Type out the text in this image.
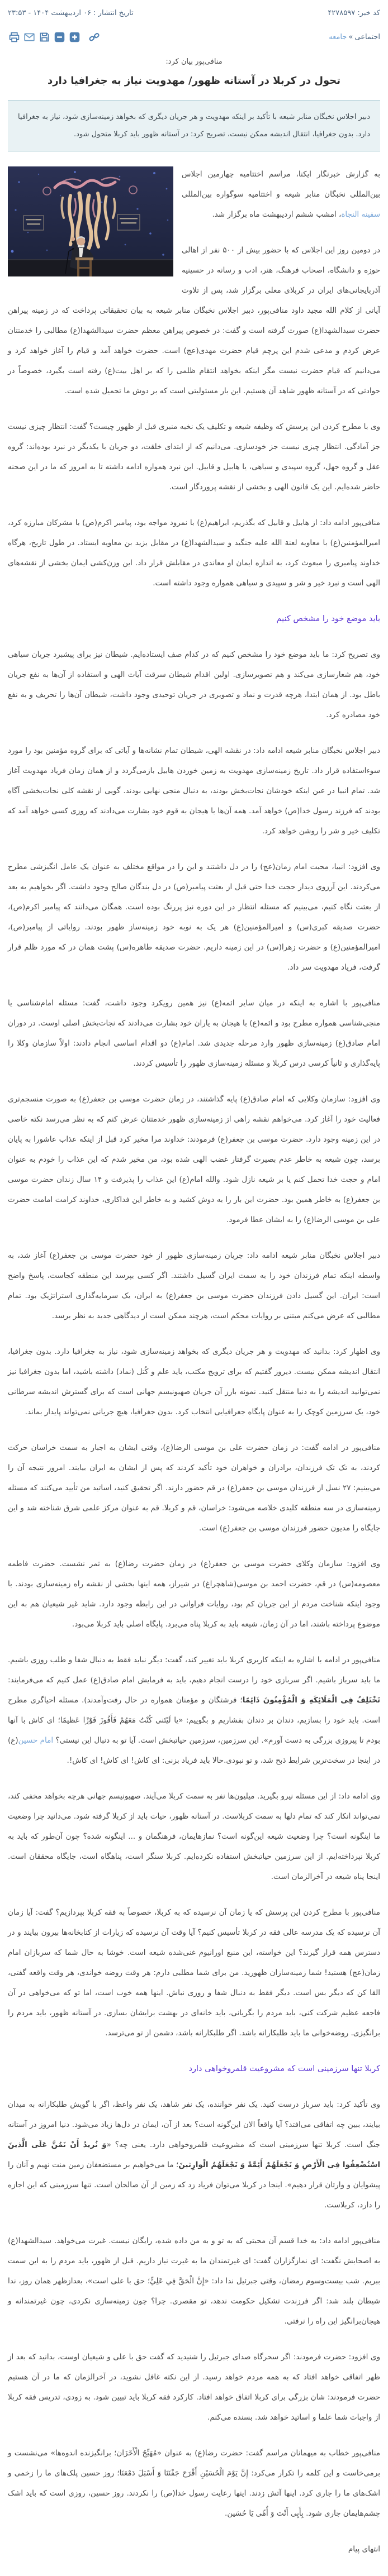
کد خبر: ۴۲۷۸۵۹۷
تاریخ انتشار : ۰۶ اردیبهشت ۱۴۰۴ - ۲۳:۵۳
اجتماعی»جامعه
منافی‌پور بیان کرد:
تحول در کربلا در آستانه ظهور/ مهدویت نیاز به جغرافیا دارد
دبیر اجلاس نخبگان منابر شیعه با تأکید بر اینکه مهدویت و هر جریان دیگری که بخواهد زمینه‌سازی شود، نیاز به جغرافیا دارد. بدون جغرافیا، انتقال اندیشه ممکن نیست، تصریح کرد: در آستانه ظهور باید کربلا متحول شود.

به گزارش خبرنگار ایکنا، مراسم اختتامیه چهارمین اجلاس بین‌المللی نخبگان منابر شیعه و اختتامیه سوگواره بین‌المللی سفینه النجاة، امشب ششم اردیبهشت ماه برگزار شد.

در دومین روز این اجلاس که با حضور بیش از ۵۰۰ نفر از اهالی حوزه و دانشگاه، اصحاب فرهنگ، هنر، ادب و رسانه در حسینیه آذربایجانی‌های ایران در کربلای معلی برگزار شد، پس از تلاوت آیاتی از کلام الله مجید داود منافی‌پور، دبیر اجلاس نخبگان منابر شیعه به بیان تحقیقاتی پرداخت که در زمینه پیراهن حضرت سیدالشهدا(ع) صورت گرفته است و گفت: در خصوص پیراهن معظم حضرت سیدالشهدا(ع) مطالبی را خدمتتان عرض کردم و مدعی شدم این پرچم قیام حضرت مهدی(عج) است. حضرت خواهد آمد و قیام را آغاز خواهد کرد و می‌دانیم که قیام حضرت نیست مگر اینکه بخواهد انتقام ظلمی را که بر اهل بیت(ع) رفته است بگیرد، خصوصاً در حوادثی که در آستانه ظهور شاهد آن هستیم. این بار مسئولیتی است که بر دوش ما تحمیل شده است.

وی با مطرح کردن این پرسش که وظیفه شیعه و تکلیف یک نخبه منبری قبل از ظهور چیست؟ گفت: انتظار چیزی نیست جز آمادگی. انتظار چیزی نیست جز خودسازی. می‌دانیم که از ابتدای خلقت، دو جریان با یکدیگر در نبرد بوده‌اند: گروه عقل و گروه جهل، گروه سپیدی و سیاهی، یا هابیل و قابیل. این نبرد همواره ادامه داشته تا به امروز که ما در این صحنه حاضر شده‌ایم. این یک قانون الهی و بخشی از نقشه پروردگار است.

منافی‌پور ادامه داد: از هابیل و قابیل که بگذریم، ابراهیم(ع) با نمرود مواجه بود، پیامبر اکرم(ص) با مشرکان مبارزه کرد، امیرالمؤمنین(ع) با معاویه لعنة الله علیه جنگید و سیدالشهدا(ع) در مقابل یزید بن معاویه ایستاد. در طول تاریخ، هرگاه خداوند پیامبری را مبعوث کرد، به اندازه ایمان او معاندی در مقابلش قرار داد. این وزن‌کشی ایمان بخشی از نقشه‌های الهی است و نبرد خیر و شر و سپیدی و سیاهی همواره وجود داشته است.

باید موضع خود را مشخص کنیم

وی تصریح کرد: ما باید موضع خود را مشخص کنیم که در کدام صف ایستاده‌ایم. شیطان نیز برای پیشبرد جریان سیاهی خود، هم شعارسازی می‌کند و هم تصویرسازی. اولین اقدام شیطان سرقت آیات الهی و استفاده از آن‌ها به نفع جریان باطل بود. از همان ابتدا، هرچه قدرت و نماد و تصویری در جریان توحیدی وجود داشت، شیطان آن‌ها را تحریف و به نفع خود مصادره کرد.

دبیر اجلاس نخبگان منابر شیعه ادامه داد: در نقشه الهی، شیطان تمام نشانه‌ها و آیاتی که برای گروه مؤمنین بود را مورد سوءاستفاده قرار داد. تاریخ زمینه‌سازی مهدویت به زمین خوردن هابیل بازمی‌گردد و از همان زمان فریاد مهدویت آغاز شد. تمام انبیا در عین اینکه خودشان نجات‌بخش بودند، به دنبال منجی نهایی بودند. گویی از نقشه کلی نجات‌بخشی آگاه بودند که فرزند رسول خدا(ص) خواهد آمد. همه آن‌ها با هیجان به قوم خود بشارت می‌دادند که روزی کسی خواهد آمد که تکلیف خیر و شر را روشن خواهد کرد.

وی افزود: انبیا، محبت امام زمان(عج) را در دل داشتند و این را در مواقع مختلف به عنوان یک عامل انگیزشی مطرح می‌کردند. این آرزوی دیدار حجت خدا حتی قبل از بعثت پیامبر(ص) در دل بندگان صالح وجود داشت. اگر بخواهیم به بعد از بعثت نگاه کنیم، می‌بینیم که مسئله انتظار در این دوره نیز پررنگ بوده است. همگان می‌دانند که پیامبر اکرم(ص)، حضرت صدیقه کبری(س) و امیرالمؤمنین(ع) هر یک به نوبه خود زمینه‌ساز ظهور بودند. روایاتی از پیامبر(ص)، امیرالمؤمنین(ع) و حضرت زهرا(س) در این زمینه داریم. حضرت صدیقه طاهره(س) پشت همان در که مورد ظلم قرار گرفت، فریاد مهدویت سر داد.

منافی‌پور با اشاره به اینکه در میان سایر ائمه(ع) نیز همین رویکرد وجود داشت، گفت: مسئله امام‌شناسی یا منجی‌شناسی همواره مطرح بود و ائمه(ع) با هیجان به یاران خود بشارت می‌دادند که نجات‌بخش اصلی اوست. در دوران امام صادق(ع) زمینه‌سازی ظهور وارد مرحله جدیدی شد. امام(ع) دو اقدام اساسی انجام دادند: اولاً سازمان وکلا را پایه‌گذاری و ثانیاً کرسی درس کربلا و مسئله زمینه‌سازی ظهور را تأسیس کردند.

وی افزود: سازمان وکلایی که امام صادق(ع) پایه گذاشتند، در زمان حضرت موسی بن جعفر(ع) به صورت منسجم‌تری فعالیت خود را آغاز کرد. می‌خواهم نقشه راهی از زمینه‌سازی ظهور خدمتتان عرض کنم که به نظر می‌رسد نکته خاصی در این زمینه وجود دارد. حضرت موسی بن جعفر(ع) فرمودند: خداوند مرا مخیر کرد قبل از اینکه عذاب عاشورا به پایان برسد، چون شیعه به خاطر عدم بصیرت گرفتار غضب الهی شده بود، من مخیر شدم که این عذاب را خودم به عنوان امام و حجت خدا تحمل کنم یا بر شیعه نازل شود. والله امام(ع) این عذاب را پذیرفت و ۱۴ سال زندان حضرت موسی بن جعفر(ع) به خاطر همین بود. حضرت این بار را به دوش کشید و به خاطر این فداکاری، خداوند کرامت امامت حضرت علی بن موسی الرضا(ع) را به ایشان عطا فرمود.

دبیر اجلاس نخبگان منابر شیعه ادامه داد: جریان زمینه‌سازی ظهور از خود حضرت موسی بن جعفر(ع) آغاز شد، به واسطه اینکه تمام فرزندان خود را به سمت ایران گسیل داشتند. اگر کسی بپرسد این منطقه کجاست، پاسخ واضح است: ایران. این گسیل دادن فرزندان حضرت موسی بن جعفر(ع) به ایران، یک سرمایه‌گذاری استراتژیک بود. تمام مطالبی که عرض می‌کنم مبتنی بر روایات محکم است، هرچند ممکن است از دیدگاهی جدید به نظر برسد.

وی اظهار کرد: بدانید که مهدویت و هر جریان دیگری که بخواهد زمینه‌سازی شود، نیاز به جغرافیا دارد. بدون جغرافیا، انتقال اندیشه ممکن نیست. دیروز گفتیم که برای ترویج مکتب، باید علم و کُتل (نماد) داشته باشید، اما بدون جغرافیا نیز نمی‌توانید اندیشه را به دنیا منتقل کنید. نمونه بارز آن جریان صهیونیسم جهانی است که برای گسترش اندیشه سرطانی خود، یک سرزمین کوچک را به عنوان پایگاه جغرافیایی انتخاب کرد. بدون جغرافیا، هیچ جریانی نمی‌تواند پایدار بماند.

منافی‌پور در ادامه گفت: در زمان حضرت علی بن موسی الرضا(ع)، وقتی ایشان به اجبار به سمت خراسان حرکت کردند، به تک تک فرزندان، برادران و خواهران خود تأکید کردند که پس از ایشان به ایران بیایند. امروز نتیجه آن را می‌بینیم: ۲۷ نسل از فرزندان موسی بن جعفر(ع) در قم حضور دارند. اگر تحقیق کنید، اساتید من تأیید می‌کنند که مسئله زمینه‌سازی در سه منطقه کلیدی خلاصه می‌شود: خراسان، قم و کربلا. قم به عنوان مرکز علمی شرق شناخته شد و این جایگاه را مدیون حضور فرزندان موسی بن جعفر(ع) است.

وی افزود: سازمان وکلای حضرت موسی بن جعفر(ع) در زمان حضرت رضا(ع) به ثمر نشست. حضرت فاطمه معصومه(س) در قم، حضرت احمد بن موسی(شاهچراغ) در شیراز، همه اینها بخشی از نقشه راه زمینه‌سازی بودند. با وجود اینکه شناخت مردم از این جریان کم بود، روایات فراوانی در این رابطه وجود دارد. شاید غیر شیعیان هم به این موضوع پرداخته باشند، اما در آن زمان، شیعه باید به کربلا پناه می‌برد. پایگاه اصلی باید کربلا می‌بود.

منافی‌پور در ادامه با اشاره به اینکه کاربری کربلا باید تغییر کند، گفت: دیگر نباید فقط به دنبال شفا و طلب روزی باشیم. ما باید سرباز باشیم. اگر سربازی خود را درست انجام دهیم، باید به فرمایش امام صادق(ع) عمل کنیم که می‌فرمایند: تَخْتَلِفُ فِی الْمَلَائِکَهِ وَ الْمُؤْمِنُونَ ذَائِمًا؛ فرشتگان و مؤمنان همواره در حال رفت‌وآمدند). مسئله احیاگری مطرح است. باید خود را بسازیم، دندان بر دندان بفشاریم و بگوییم: «یا لَیْتَنی کُنْتُ مَعَهُمْ فَأَفُوزَ فَوْزًا عَظیمًا؛ ای کاش با آنها بودم تا پیروزی بزرگی به دست آورم». این سرزمین، سرزمین حیاتبخش است. آیا تو به دنبال این نیستی؟ امام حسین(ع) در اینجا در سخت‌ترین شرایط ذبح شد، و تو نبودی.حالا باید فریاد بزنی: ای کاش! ای کاش! ای کاش!.

وی ادامه داد: از این مسئله نیرو بگیرید. میلیون‌ها نفر به سمت کربلا می‌آیند. صهیونیسم جهانی هرچه بخواهد مخفی کند، نمی‌تواند انکار کند که تمام دلها به سمت کربلاست. در آستانه ظهور، حیات باید از کربلا گرفته شود. می‌دانید چرا وضعیت ما اینگونه است؟ چرا وضعیت شیعه این‌گونه است؟ نمازهایمان، فرهنگمان و ... اینگونه شده؟ چون آن‌طور که باید به کربلا نپرداخته‌ایم. از این سرزمین حیاتبخش استفاده نکرده‌ایم. کربلا سنگر است، پناهگاه است، جایگاه محققان است. اینجا پناه شیعه در آخرالزمان است.

منافی‌پور با مطرح کردن این پرسش که یا زمان آن نرسیده که به کربلا، خصوصاً به فقه کربلا بپردازیم؟ گفت: آیا زمان آن نرسیده که یک مدرسه عالی فقه در کربلا تأسیس کنیم؟ آیا وقت آن نرسیده که زیارات از کتابخانه‌ها بیرون بیایند و در دسترس همه قرار گیرند؟ این خواسته، این منبع اورانیوم غنی‌شده شیعه است. خوشا به حال شما که سربازان امام زمان(عج) هستید! شما زمینه‌سازان ظهورید. من برای شما مطلبی دارم: هر وقت روضه خواندی، هر وقت واقعه گفتی، القا کن که دیگر بس است. دیگر فقط به دنبال شفا و روزی نباش. اینها همه خوب است، اما تو که می‌خواهی در آن فاجعه عظیم شرکت کنی، باید مردم را بگریانی، باید خانه‌ای در بهشت برایشان بسازی. در آستانه ظهور، باید مردم را برانگیزی. روضه‌خوانی ما باید طلبکارانه باشد. اگر طلبکارانه باشد، دشمن از تو می‌ترسد.

کربلا تنها سرزمینی است که مشروعیت قلمروخواهی دارد

وی تأکید کرد: باید سرباز درست کنید. یک نفر خواننده، یک نفر شاهد، یک نفر واعظ، اگر با گویش طلبکارانه به میدان بیایند، ببین چه اتفاقی می‌افتد؟ آیا واقعاً الان این‌گونه است؟ بعد از آن، ایمان در دل‌ها زیاد می‌شود. دنیا امروز در آستانه جنگ است. کربلا تنها سرزمینی است که مشروعیت قلمروخواهی دارد. یعنی چه؟ «وَ نُریدُ أَنْ نَمُنَّ عَلَی الَّذینَ اسْتُضْعِفُوا فِی الْأَرْضِ وَ نَجْعَلَهُمْ أَئِمَّةً وَ نَجْعَلَهُمُ الْوارِثینَ؛ ما می‌خواهیم بر مستضعفان زمین منت نهیم و آنان را پیشوایان و وارثان قرار دهیم». اینجا در کربلا می‌توان فریاد زد که زمین از آن صالحان است. تنها سرزمینی که این اجازه را دارد، کربلاست.

منافی‌پور ادامه داد: به خدا قسم آن محبتی که به تو و به من داده شده، رایگان نیست. غیرت می‌خواهد. سیدالشهدا(ع) به اصحابش نگفت: ای نمازگزاران گفت: ای غیرتمندان ما به غیرت نیاز داریم. قبل از ظهور، باید مردم را به این سمت ببریم. شب بیست‌وسوم رمضان، وقتی جبرئیل ندا داد: «إِنَّ الْحَقَّ فِي عَلِيٍّ؛ حق با علی است»، بعدازظهر همان روز، ندا شیطان بلند شد: اگر فرزندت تشکیل حکومت ندهد، تو مقصری. چرا؟ چون زمینه‌سازی نکردی، چون غیرتمندانه و هیجان‌برانگیز این راه را نرفتی.

وی افزود: حضرت فرمودند: اگر سحرگاه صدای جبرئیل را شنیدید که گفت حق با علی و شیعیان اوست، بدانید که بعد از ظهر اتفاقی خواهد افتاد که به همه مردم خواهد رسید. از این نکته غافل نشوید، در آخرالزمان که ما در آن هستیم حضرت فرمودند: شان بزرگی برای کربلا اتفاق خواهد افتاد. کارکرد فقه کربلا باید تبیین شود. به زودی، تدریس فقه کربلا از واجبات شما علما و اساتید خواهد شد. بسنده می‌کنم.

منافی‌پور خطاب به میهمانان مراسم گفت: حضرت رضا(ع) به عنوان «مُهَیِّجُ الْأَحْزَان؛ برانگیزنده اندوه‌ها» می‌نشست و برمی‌خاست و این کلمه را تکرار می‌کرد: إِنَّ یَوْمَ الْحُسَیْنِ أَقْرَحَ جَفْنَنَا وَ أَسْبَلَ دَمْعَنَا؛ روز حسین پلک‌های ما را زخمی و اشک‌های ما را جاری کرد. اینها آتش زدند. اینها رعایت رسول خدا(ص) را نکردند. روز حسین، روزی است که باید اشک چشم‌هایمان جاری شود. بِأَبِی أَنْتَ وَ أُمِّی یَا حُسَین.

انتهای پیام
